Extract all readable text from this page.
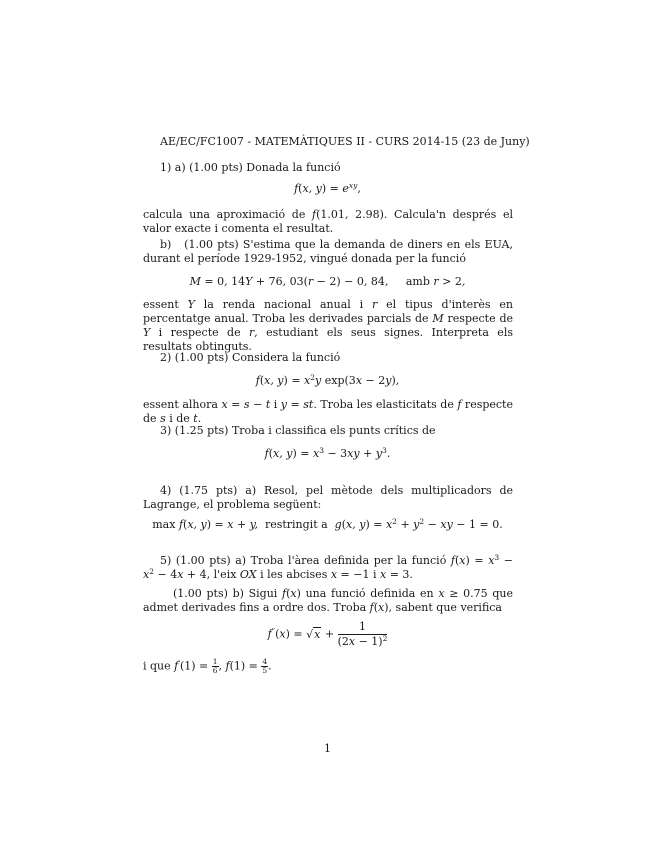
AE/EC/FC1007 - MATEMÀTIQUES II - CURS 2014-15 (23 de Juny)
1) a) (1.00 pts) Donada la funció
f(x, $y) = e^{xy}$,
calcula una aproximació de f(1.01, 2.98). Calcula'n després el valor exacte i comenta el resultat.
b)   (1.00 pts) S'estima que la demanda de diners en els EUA, durant el període 1929-1952, vingué donada per la funció
M = 0, 14Y + 76, 03(r − 2) − 0, 84,     amb r > 2,
essent Y la renda nacional anual i r el tipus d'interès en percentatge anual. Troba les derivades parcials de M respecte de Y i respecte de r, estudiant els seus signes. Interpreta els resultats obtinguts.
2) (1.00 pts) Considera la funció
f(x, $y) = x^2y$ exp(3x − 2y),
essent alhora x = s − t i y = st. Troba les elasticitats de f respecte de s i de t.
3) (1.25 pts) Troba i classifica els punts crítics de
f(x, $y) = x^3 - 3xy + y^3$.
4) (1.75 pts) a) Resol, pel mètode dels multiplicadors de Lagrange, el problema següent:
max f(x, y) = x + y,  restringit a  g(x, $y) = x^2 + y^2$ − xy − 1 = 0.
5) (1.00 pts) a) Troba l'àrea definida per la funció $f(x) = x^3 - x^2 - 4x + 4$, l'eix OX i les abcises x = −1 i x = 3.
(1.00 pts) b) Sigui f(x) una funció definida en x ≥ 0.75 que admet derivades fins a ordre dos. Troba f(x), sabent que verifica
$f''(x) = √x + \frac{1}{(2x - 1)^2}$
i que $f'(1) = \frac{1}{6}$ , $f(1) = \frac{4}{5}$ .
1
